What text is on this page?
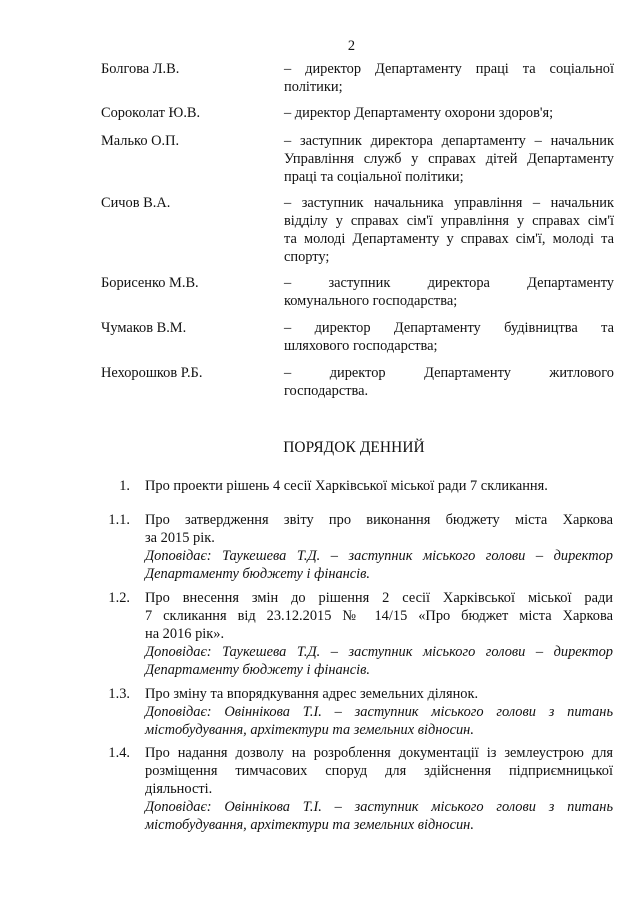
2
Болгова Л.В.	– директор Департаменту праці та соціальної
політики;
Сороколат Ю.В.	– директор Департаменту охорони здоров'я;
Малько О.П.	– заступник директора департаменту – начальник
Управління служб у справах дітей Департаменту
праці та соціальної політики;
Сичов В.А.	– заступник начальника управління – начальник
відділу у справах сім'ї управління у справах сім'ї
та молоді Департаменту у справах сім'ї, молоді та
спорту;
Борисенко М.В.	– заступник директора Департаменту
комунального господарства;
Чумаков В.М.	– директор Департаменту будівництва та
шляхового господарства;
Нехорошков Р.Б.	– директор Департаменту житлового
господарства.
ПОРЯДОК ДЕННИЙ
1. Про проекти рішень 4 сесії Харківської міської ради 7 скликання.
1.1. Про затвердження звіту про виконання бюджету міста Харкова
за 2015 рік.
Доповідає: Таукешева Т.Д. – заступник міського голови – директор
Департаменту бюджету і фінансів.
1.2. Про внесення змін до рішення 2 сесії Харківської міської ради
7 скликання від 23.12.2015 № 14/15 «Про бюджет міста Харкова
на 2016 рік».
Доповідає: Таукешева Т.Д. – заступник міського голови – директор
Департаменту бюджету і фінансів.
1.3. Про зміну та впорядкування адрес земельних ділянок.
Доповідає: Овіннікова Т.І. – заступник міського голови з питань
містобудування, архітектури та земельних відносин.
1.4. Про надання дозволу на розроблення документації із землеустрою для
розміщення тимчасових споруд для здійснення підприємницької
діяльності.
Доповідає: Овіннікова Т.І. – заступник міського голови з питань
містобудування, архітектури та земельних відносин.
